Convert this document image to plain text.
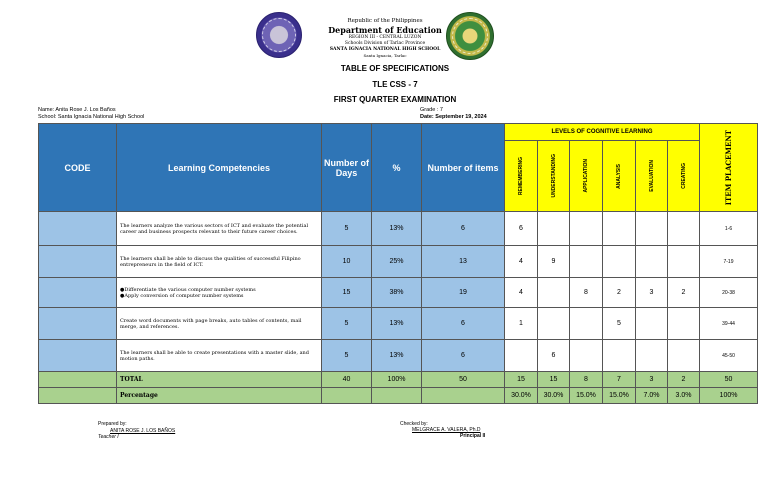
Republic of the Philippines
Department of Education
REGION III - CENTRAL LUZON
Schools Division of Tarlac Province
SANTA IGNACIA NATIONAL HIGH SCHOOL
Santa Ignacia, Tarlac
TABLE OF SPECIFICATIONS
TLE CSS - 7
FIRST QUARTER EXAMINATION
Name: Anita Rose J. Los Baños
School: Santa Ignacia National High School
Grade : 7
Date: September 19, 2024
CODE	Learning Competencies	Number of Days	%	Number of items	LEVELS OF COGNITIVE LEARNING						ITEM PLACEMENT

					REMEMBERING	UNDERSTANDING	APPLICATION	ANALYSIS	EVALUATION	CREATING	

	The learners analyze the various sectors of ICT and evaluate the potential career and business prospects relevant to their future career choices.	5	13%	6	6						1-6
	The learners shall be able to discuss the qualities of successful Filipino entrepreneurs in the field of ICT.	10	25%	13	4	9					7-19
	●Differentiate the various computer number systems
●Apply conversion of computer number systems	15	38%	19	4		8	2	3	2	20-38
	Create word documents with page breaks, auto tables of contents, mail merge, and references.	5	13%	6	1			5			39-44
	The learners shall be able to create presentations with a master slide, and motion paths.	5	13%	6		6					45-50
	TOTAL	40	100%	50	15	15	8	7	3	2	50
	Percentage				30.0%	30.0%	15.0%	15.0%	7.0%	3.0%	100%
Prepared by:
ANITA ROSE J. LOS BAÑOS
Teacher I
Checked by:
MELGRACE A. VALERA, Ph.D
Principal II
